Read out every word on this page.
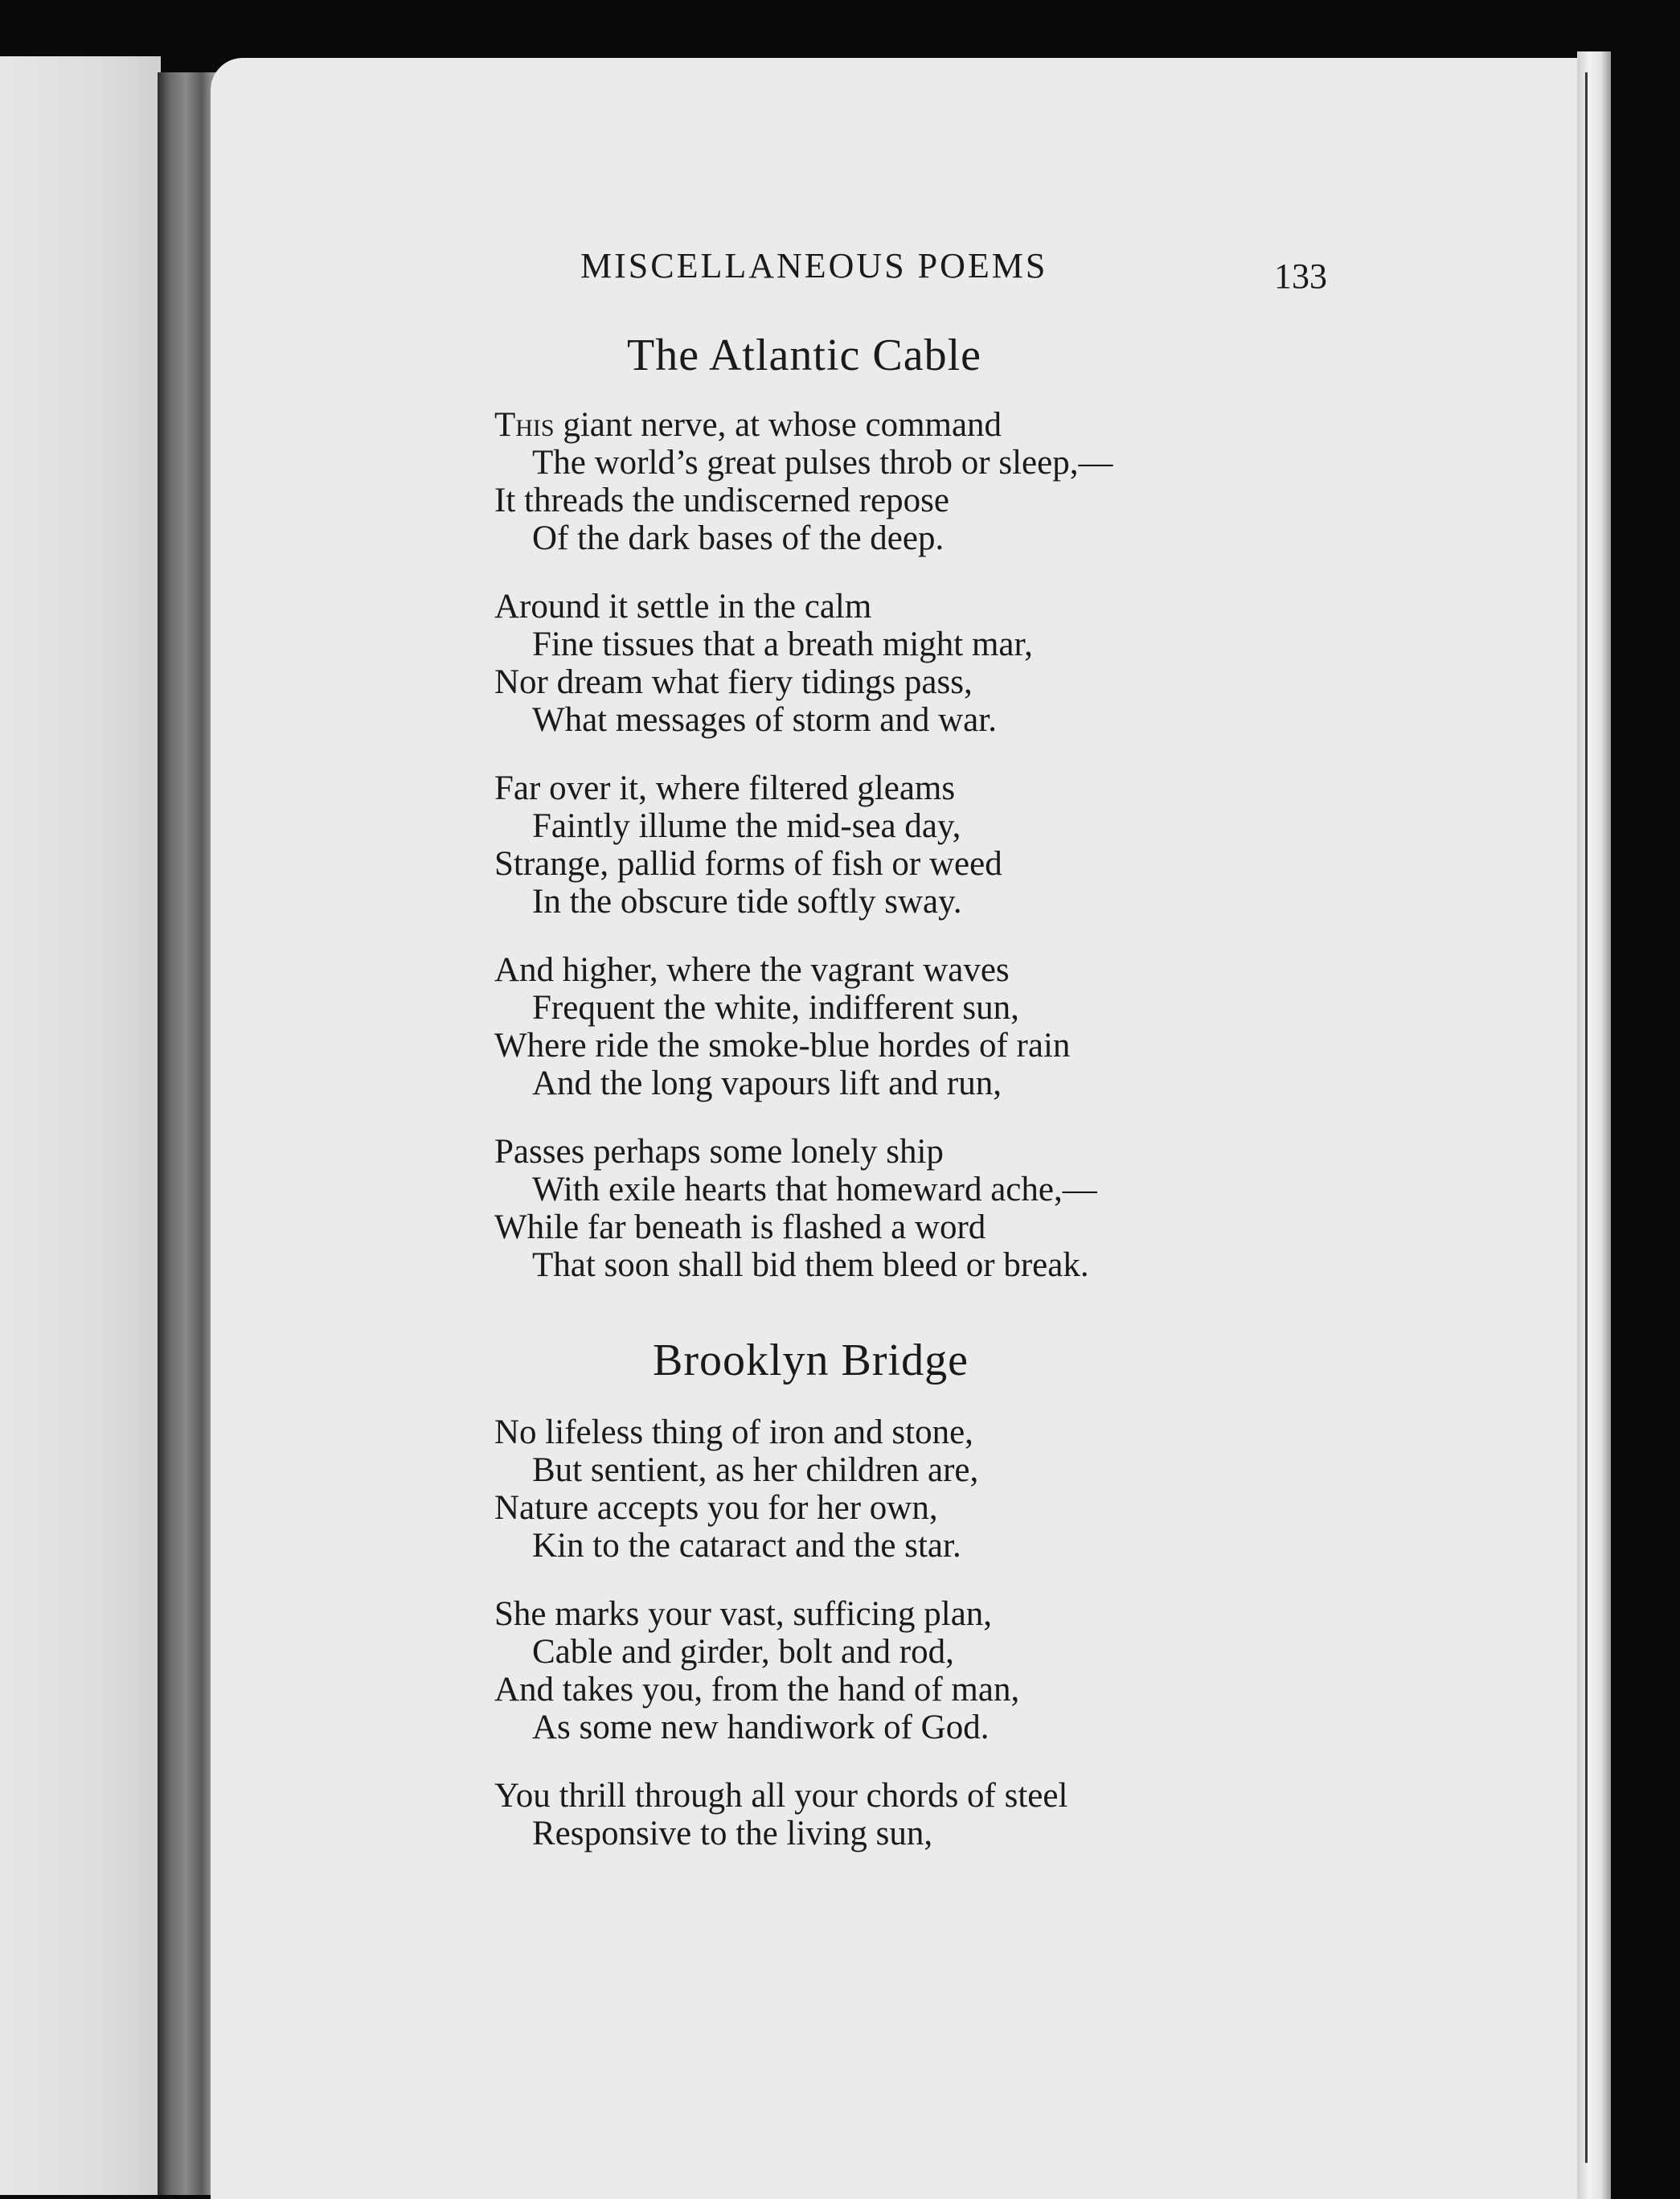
MISCELLANEOUS POEMS	133
The Atlantic Cable
This giant nerve, at whose command
The world’s great pulses throb or sleep,—
It threads the undiscerned repose
Of the dark bases of the deep.
Around it settle in the calm
Fine tissues that a breath might mar,
Nor dream what fiery tidings pass,
What messages of storm and war.
Far over it, where filtered gleams
Faintly illume the mid-sea day,
Strange, pallid forms of fish or weed
In the obscure tide softly sway.
And higher, where the vagrant waves
Frequent the white, indifferent sun,
Where ride the smoke-blue hordes of rain
And the long vapours lift and run,
Passes perhaps some lonely ship
With exile hearts that homeward ache,—
While far beneath is flashed a word
That soon shall bid them bleed or break.
Brooklyn Bridge
No lifeless thing of iron and stone,
But sentient, as her children are,
Nature accepts you for her own,
Kin to the cataract and the star.
She marks your vast, sufficing plan,
Cable and girder, bolt and rod,
And takes you, from the hand of man,
As some new handiwork of God.
You thrill through all your chords of steel
Responsive to the living sun,
